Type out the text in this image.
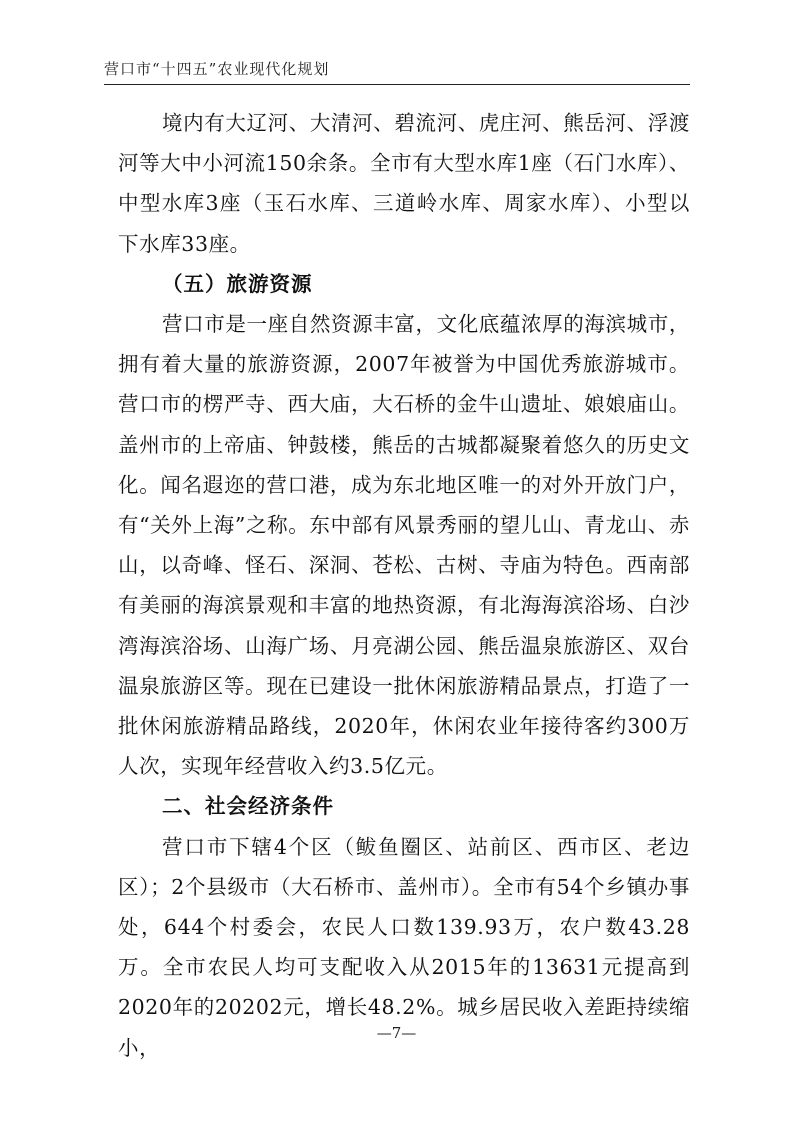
营口市“十四五”农业现代化规划

境内有大辽河、大清河、碧流河、虎庄河、熊岳河、浮渡河等大中小河流150余条。全市有大型水库1座（石门水库）、中型水库3座（玉石水库、三道岭水库、周家水库）、小型以下水库33座。

（五）旅游资源

营口市是一座自然资源丰富，文化底蕴浓厚的海滨城市，拥有着大量的旅游资源，2007年被誉为中国优秀旅游城市。营口市的楞严寺、西大庙，大石桥的金牛山遗址、娘娘庙山。盖州市的上帝庙、钟鼓楼，熊岳的古城都凝聚着悠久的历史文化。闻名遐迩的营口港，成为东北地区唯一的对外开放门户，有“关外上海”之称。东中部有风景秀丽的望儿山、青龙山、赤山，以奇峰、怪石、深洞、苍松、古树、寺庙为特色。西南部有美丽的海滨景观和丰富的地热资源，有北海海滨浴场、白沙湾海滨浴场、山海广场、月亮湖公园、熊岳温泉旅游区、双台温泉旅游区等。现在已建设一批休闲旅游精品景点，打造了一批休闲旅游精品路线，2020年，休闲农业年接待客约300万人次，实现年经营收入约3.5亿元。

二、社会经济条件

营口市下辖4个区（鲅鱼圈区、站前区、西市区、老边区）；2个县级市（大石桥市、盖州市）。全市有54个乡镇办事处，644个村委会，农民人口数139.93万，农户数43.28万。全市农民人均可支配收入从2015年的13631元提高到2020年的20202元，增长48.2%。城乡居民收入差距持续缩小，

—7—
